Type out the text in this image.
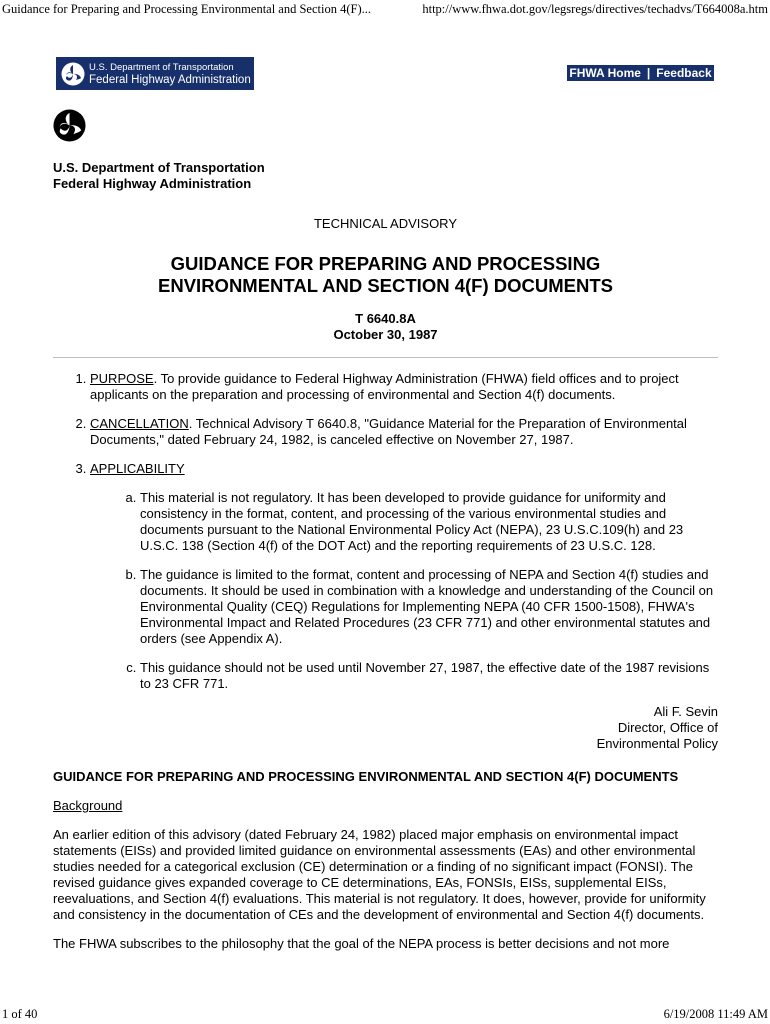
Guidance for Preparing and Processing Environmental and Section 4(F)...	http://www.fhwa.dot.gov/legsregs/directives/techadvs/T664008a.htm
U.S. Department of Transportation
Federal Highway Administration	FHWA Home | Feedback
U.S. Department of Transportation
Federal Highway Administration
TECHNICAL ADVISORY
GUIDANCE FOR PREPARING AND PROCESSING
ENVIRONMENTAL AND SECTION 4(F) DOCUMENTS
T 6640.8A
October 30, 1987
1. PURPOSE. To provide guidance to Federal Highway Administration (FHWA) field offices and to project applicants on the preparation and processing of environmental and Section 4(f) documents.
2. CANCELLATION. Technical Advisory T 6640.8, "Guidance Material for the Preparation of Environmental Documents," dated February 24, 1982, is canceled effective on November 27, 1987.
3. APPLICABILITY
a. This material is not regulatory. It has been developed to provide guidance for uniformity and consistency in the format, content, and processing of the various environmental studies and documents pursuant to the National Environmental Policy Act (NEPA), 23 U.S.C.109(h) and 23 U.S.C. 138 (Section 4(f) of the DOT Act) and the reporting requirements of 23 U.S.C. 128.
b. The guidance is limited to the format, content and processing of NEPA and Section 4(f) studies and documents. It should be used in combination with a knowledge and understanding of the Council on Environmental Quality (CEQ) Regulations for Implementing NEPA (40 CFR 1500-1508), FHWA's Environmental Impact and Related Procedures (23 CFR 771) and other environmental statutes and orders (see Appendix A).
c. This guidance should not be used until November 27, 1987, the effective date of the 1987 revisions to 23 CFR 771.
Ali F. Sevin
Director, Office of
Environmental Policy
GUIDANCE FOR PREPARING AND PROCESSING ENVIRONMENTAL AND SECTION 4(F) DOCUMENTS
Background

An earlier edition of this advisory (dated February 24, 1982) placed major emphasis on environmental impact statements (EISs) and provided limited guidance on environmental assessments (EAs) and other environmental studies needed for a categorical exclusion (CE) determination or a finding of no significant impact (FONSI). The revised guidance gives expanded coverage to CE determinations, EAs, FONSIs, EISs, supplemental EISs, reevaluations, and Section 4(f) evaluations. This material is not regulatory. It does, however, provide for uniformity and consistency in the documentation of CEs and the development of environmental and Section 4(f) documents.

The FHWA subscribes to the philosophy that the goal of the NEPA process is better decisions and not more

1 of 40	6/19/2008 11:49 AM
